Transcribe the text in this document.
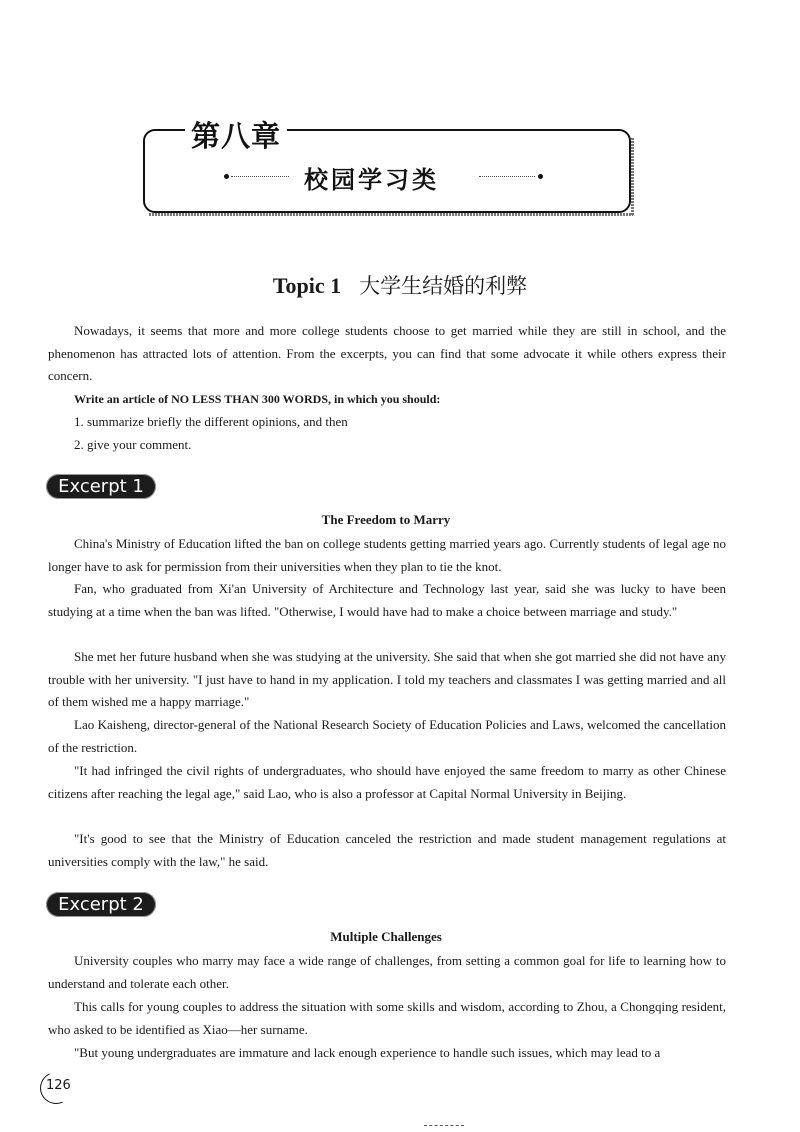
第八章
校园学习类
Topic 1 大学生结婚的利弊

Nowadays, it seems that more and more college students choose to get married while they are still in school, and the phenomenon has attracted lots of attention. From the excerpts, you can find that some advocate it while others express their concern.

Write an article of NO LESS THAN 300 WORDS, in which you should:

1. summarize briefly the different opinions, and then
2. give your comment.
Excerpt 1
The Freedom to Marry

China's Ministry of Education lifted the ban on college students getting married years ago. Currently students of legal age no longer have to ask for permission from their universities when they plan to tie the knot.

Fan, who graduated from Xi'an University of Architecture and Technology last year, said she was lucky to have been studying at a time when the ban was lifted. "Otherwise, I would have had to make a choice between marriage and study."

She met her future husband when she was studying at the university. She said that when she got married she did not have any trouble with her university. "I just have to hand in my application. I told my teachers and classmates I was getting married and all of them wished me a happy marriage."

Lao Kaisheng, director-general of the National Research Society of Education Policies and Laws, welcomed the cancellation of the restriction.

"It had infringed the civil rights of undergraduates, who should have enjoyed the same freedom to marry as other Chinese citizens after reaching the legal age," said Lao, who is also a professor at Capital Normal University in Beijing.

"It's good to see that the Ministry of Education canceled the restriction and made student management regulations at universities comply with the law," he said.

Excerpt 2
Multiple Challenges

University couples who marry may face a wide range of challenges, from setting a common goal for life to learning how to understand and tolerate each other.

This calls for young couples to address the situation with some skills and wisdom, according to Zhou, a Chongqing resident, who asked to be identified as Xiao—her surname.

"But young undergraduates are immature and lack enough experience to handle such issues, which may lead to a

126
